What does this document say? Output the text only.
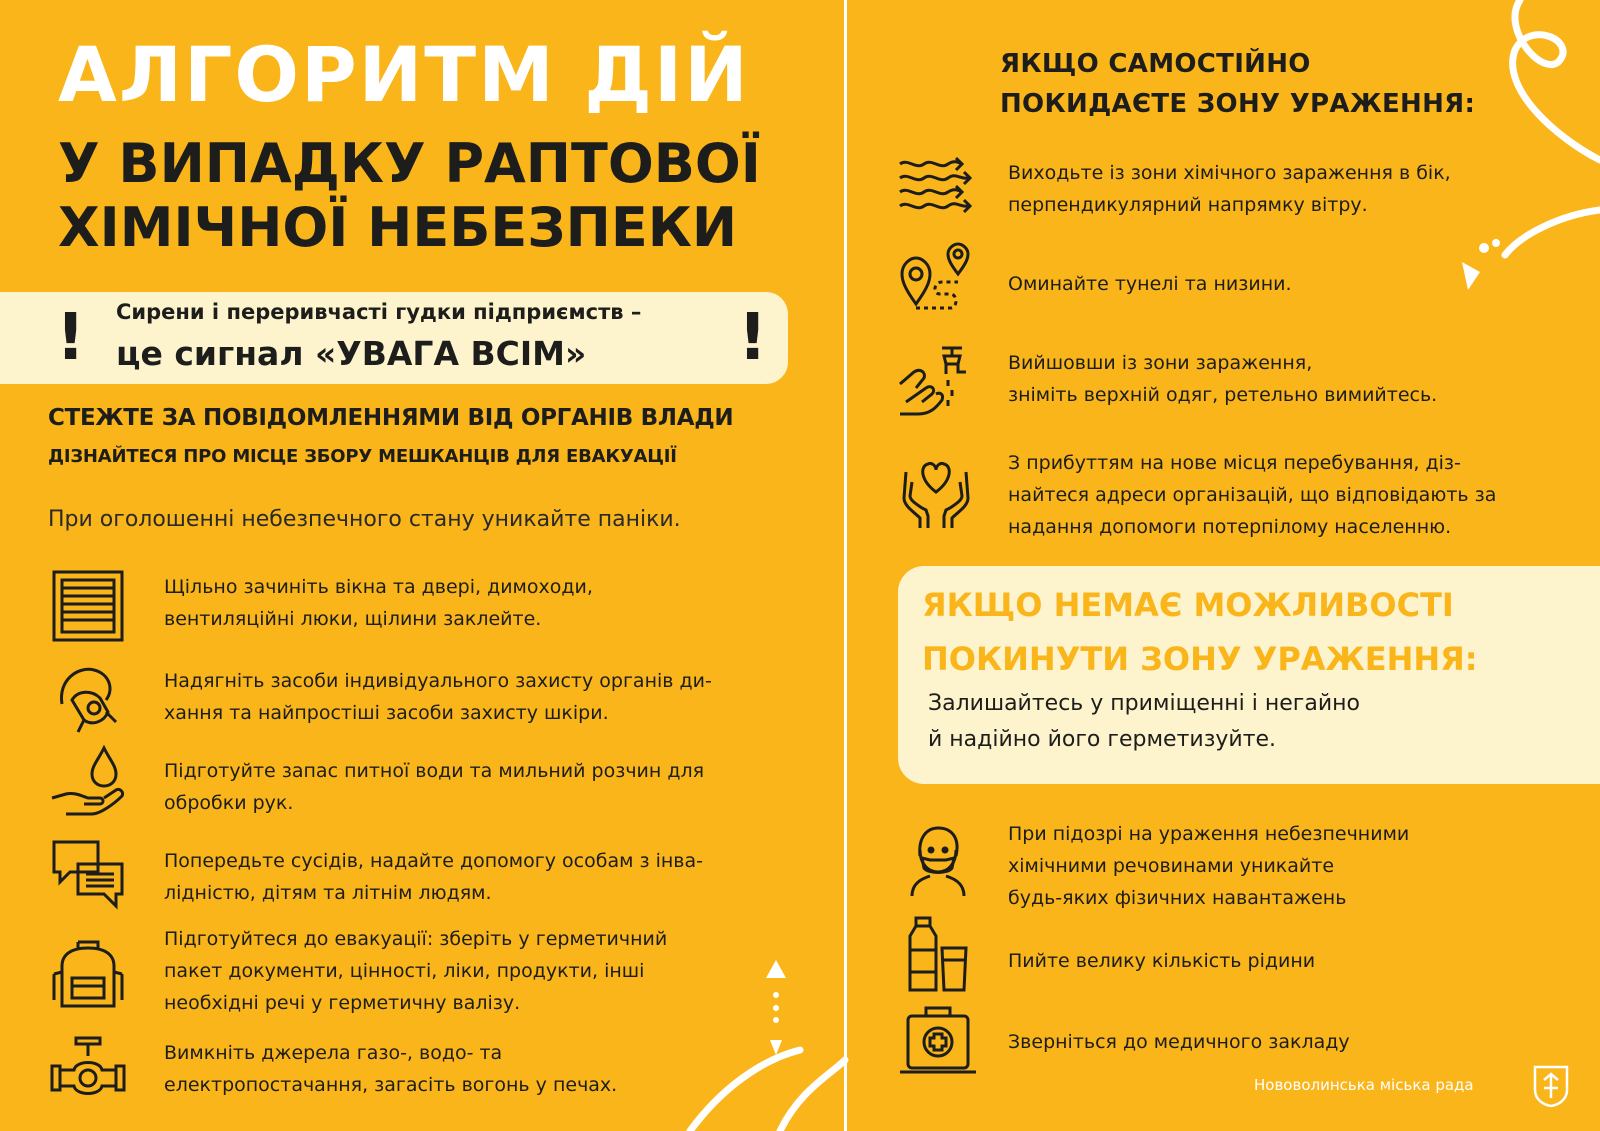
АЛГОРИТМ ДІЙ
У ВИПАДКУ РАПТОВОЇ
ХІМІЧНОЇ НЕБЕЗПЕКИ
!	!
Сирени і переривчасті гудки підприємств –
це сигнал «УВАГА ВСІМ»
СТЕЖТЕ ЗА ПОВІДОМЛЕННЯМИ ВІД ОРГАНІВ ВЛАДИ
ДІЗНАЙТЕСЯ ПРО МІСЦЕ ЗБОРУ МЕШКАНЦІВ ДЛЯ ЕВАКУАЦІЇ
При оголошенні небезпечного стану уникайте паніки.
Щільно зачиніть вікна та двері, димоходи,
вентиляційні люки, щілини заклейте.
Надягніть засоби індивідуального захисту органів ди-
хання та найпростіші засоби захисту шкіри.
Підготуйте запас питної води та мильний розчин для
обробки рук.
Попередьте сусідів, надайте допомогу особам з інва-
лідністю, дітям та літнім людям.
Підготуйтеся до евакуації: зберіть у герметичний
пакет документи, цінності, ліки, продукти, інші
необхідні речі у герметичну валізу.
Вимкніть джерела газо-, водо- та
електропостачання, загасіть вогонь у печах.
ЯКЩО САМОСТІЙНО
ПОКИДАЄТЕ ЗОНУ УРАЖЕННЯ:
Виходьте із зони хімічного зараження в бік,
перпендикулярний напрямку вітру.
Оминайте тунелі та низини.
Вийшовши із зони зараження,
зніміть верхній одяг, ретельно вимийтесь.
З прибуттям на нове місця перебування, діз-
найтеся адреси організацій, що відповідають за
надання допомоги потерпілому населенню.
ЯКЩО НЕМАЄ МОЖЛИВОСТІ
ПОКИНУТИ ЗОНУ УРАЖЕННЯ:
Залишайтесь у приміщенні і негайно
й надійно його герметизуйте.
При підозрі на ураження небезпечними
хімічними речовинами уникайте
будь-яких фізичних навантажень
Пийте велику кількість рідини
Зверніться до медичного закладу
Нововолинська міська рада
